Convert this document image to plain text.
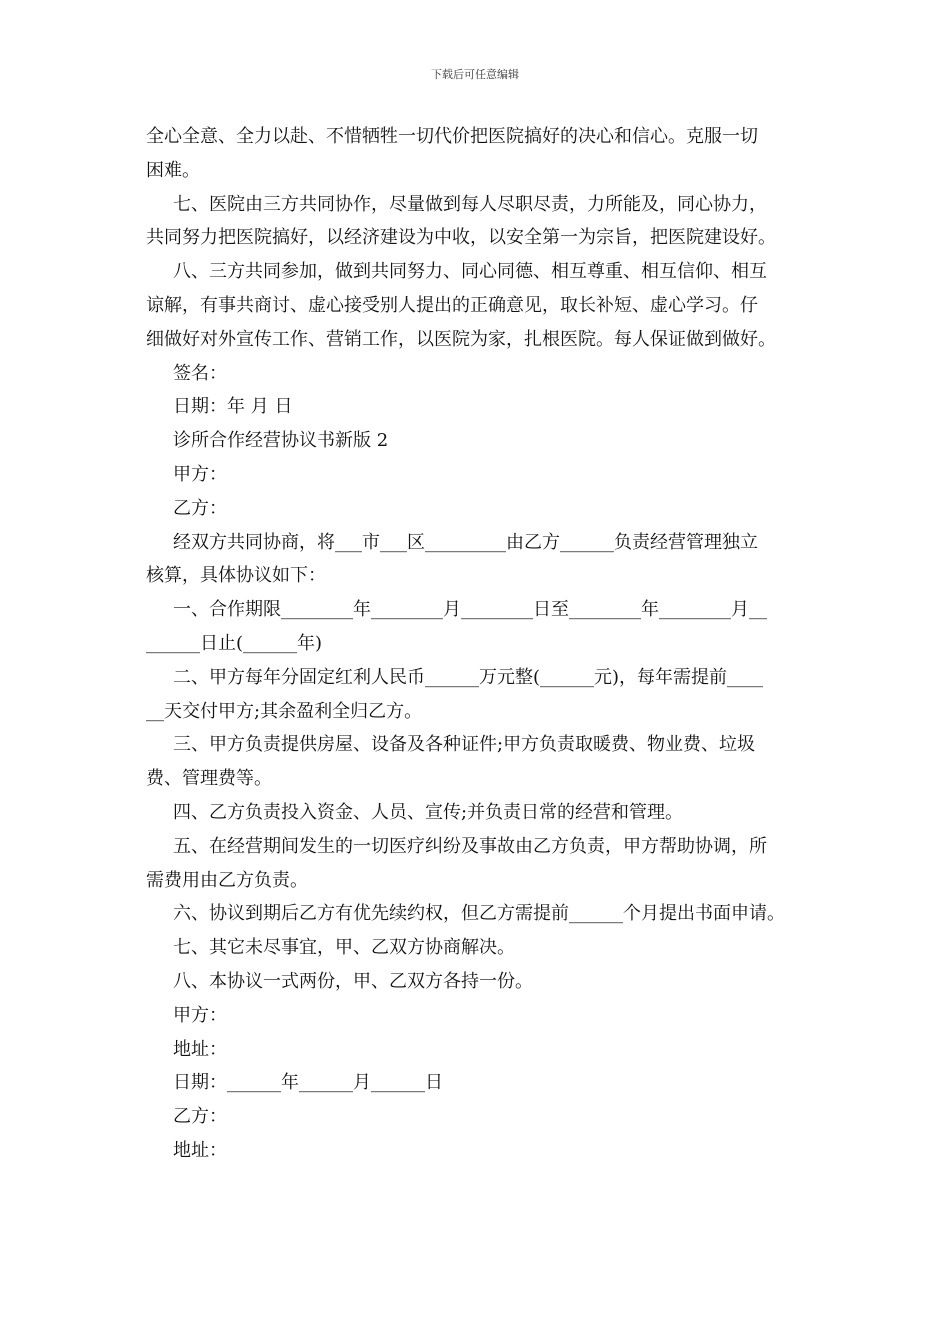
下载后可任意编辑

全心全意、全力以赴、不惜牺牲一切代价把医院搞好的决心和信心。克服一切

困难。

七、医院由三方共同协作，尽量做到每人尽职尽责，力所能及，同心协力，

共同努力把医院搞好，以经济建设为中收，以安全第一为宗旨，把医院建设好。

八、三方共同参加，做到共同努力、同心同德、相互尊重、相互信仰、相互

谅解，有事共商讨、虚心接受别人提出的正确意见，取长补短、虚心学习。仔

细做好对外宣传工作、营销工作，以医院为家，扎根医院。每人保证做到做好。

签名：

日期：年 月 日

诊所合作经营协议书新版 2

甲方：

乙方：

经双方共同协商，将___市___区_________由乙方______负责经营管理独立

核算，具体协议如下：

一、合作期限________年________月________日至________年________月__

______日止(______年)

二、甲方每年分固定红利人民币______万元整(______元)，每年需提前____

__天交付甲方;其余盈利全归乙方。

三、甲方负责提供房屋、设备及各种证件;甲方负责取暖费、物业费、垃圾

费、管理费等。

四、乙方负责投入资金、人员、宣传;并负责日常的经营和管理。

五、在经营期间发生的一切医疗纠纷及事故由乙方负责，甲方帮助协调，所

需费用由乙方负责。

六、协议到期后乙方有优先续约权，但乙方需提前______个月提出书面申请。

七、其它未尽事宜，甲、乙双方协商解决。

八、本协议一式两份，甲、乙双方各持一份。

甲方：

地址：

日期：______年______月______日

乙方：

地址：
